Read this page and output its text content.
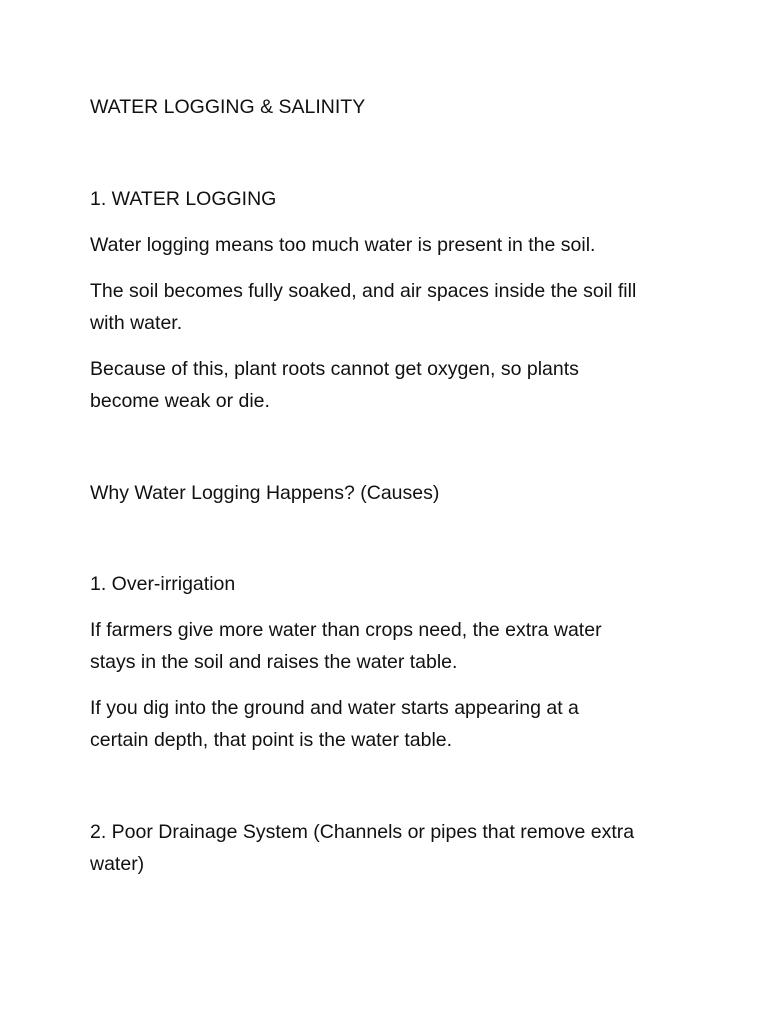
WATER LOGGING & SALINITY
1. WATER LOGGING

Water logging means too much water is present in the soil.

The soil becomes fully soaked, and air spaces inside the soil fill

with water.

Because of this, plant roots cannot get oxygen, so plants

become weak or die.

Why Water Logging Happens? (Causes)
1. Over-irrigation

If farmers give more water than crops need, the extra water

stays in the soil and raises the water table.

If you dig into the ground and water starts appearing at a

certain depth, that point is the water table.

2. Poor Drainage System (Channels or pipes that remove extra
water)
